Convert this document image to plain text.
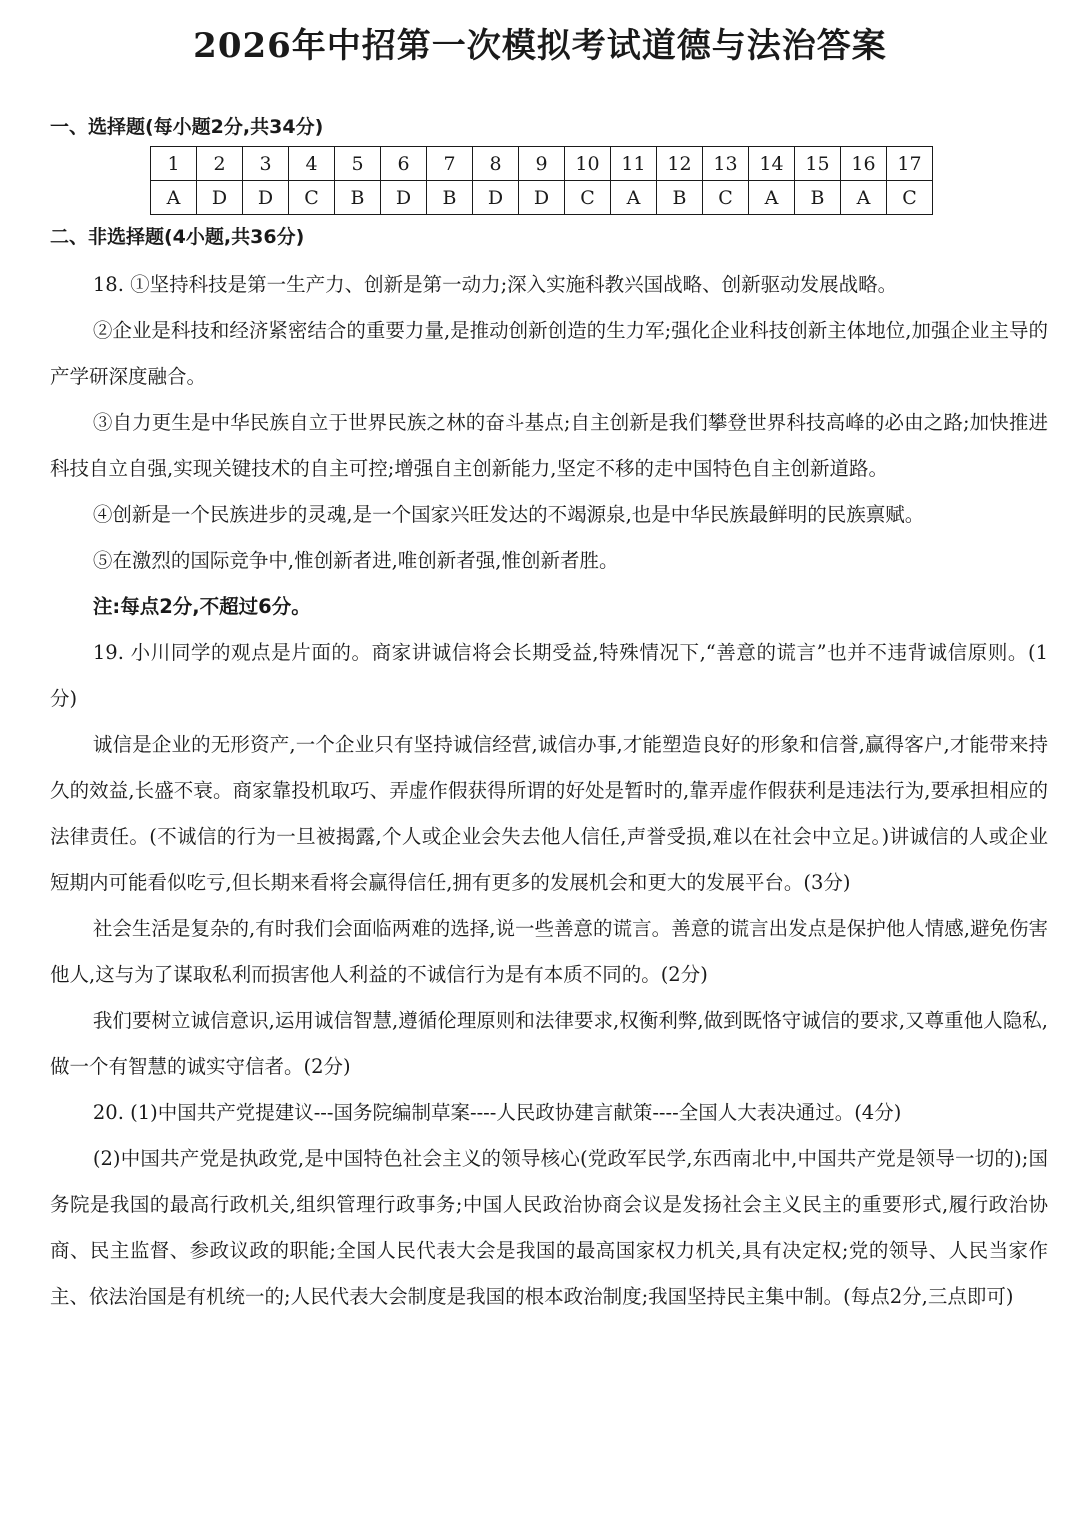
2026年中招第一次模拟考试道德与法治答案
一、选择题(每小题2分,共34分)
1	2	3	4	5	6	7	8	9	10	11	12	13	14	15	16	17
A	D	D	C	B	D	B	D	D	C	A	B	C	A	B	A	C
二、非选择题(4小题,共36分)

18. ①坚持科技是第一生产力、创新是第一动力;深入实施科教兴国战略、创新驱动发展战略。

②企业是科技和经济紧密结合的重要力量,是推动创新创造的生力军;强化企业科技创新主体地位,加强企业主导的产学研深度融合。

③自力更生是中华民族自立于世界民族之林的奋斗基点;自主创新是我们攀登世界科技高峰的必由之路;加快推进科技自立自强,实现关键技术的自主可控;增强自主创新能力,坚定不移的走中国特色自主创新道路。

④创新是一个民族进步的灵魂,是一个国家兴旺发达的不竭源泉,也是中华民族最鲜明的民族禀赋。

⑤在激烈的国际竞争中,惟创新者进,唯创新者强,惟创新者胜。

注:每点2分,不超过6分。

19. 小川同学的观点是片面的。商家讲诚信将会长期受益,特殊情况下,“善意的谎言”也并不违背诚信原则。(1分)

诚信是企业的无形资产,一个企业只有坚持诚信经营,诚信办事,才能塑造良好的形象和信誉,赢得客户,才能带来持久的效益,长盛不衰。商家靠投机取巧、弄虚作假获得所谓的好处是暂时的,靠弄虚作假获利是违法行为,要承担相应的法律责任。(不诚信的行为一旦被揭露,个人或企业会失去他人信任,声誉受损,难以在社会中立足。)讲诚信的人或企业短期内可能看似吃亏,但长期来看将会赢得信任,拥有更多的发展机会和更大的发展平台。(3分)

社会生活是复杂的,有时我们会面临两难的选择,说一些善意的谎言。善意的谎言出发点是保护他人情感,避免伤害他人,这与为了谋取私利而损害他人利益的不诚信行为是有本质不同的。(2分)

我们要树立诚信意识,运用诚信智慧,遵循伦理原则和法律要求,权衡利弊,做到既恪守诚信的要求,又尊重他人隐私,做一个有智慧的诚实守信者。(2分)

20. (1)中国共产党提建议---国务院编制草案----人民政协建言献策----全国人大表决通过。(4分)

(2)中国共产党是执政党,是中国特色社会主义的领导核心(党政军民学,东西南北中,中国共产党是领导一切的);国务院是我国的最高行政机关,组织管理行政事务;中国人民政治协商会议是发扬社会主义民主的重要形式,履行政治协商、民主监督、参政议政的职能;全国人民代表大会是我国的最高国家权力机关,具有决定权;党的领导、人民当家作主、依法治国是有机统一的;人民代表大会制度是我国的根本政治制度;我国坚持民主集中制。(每点2分,三点即可)
